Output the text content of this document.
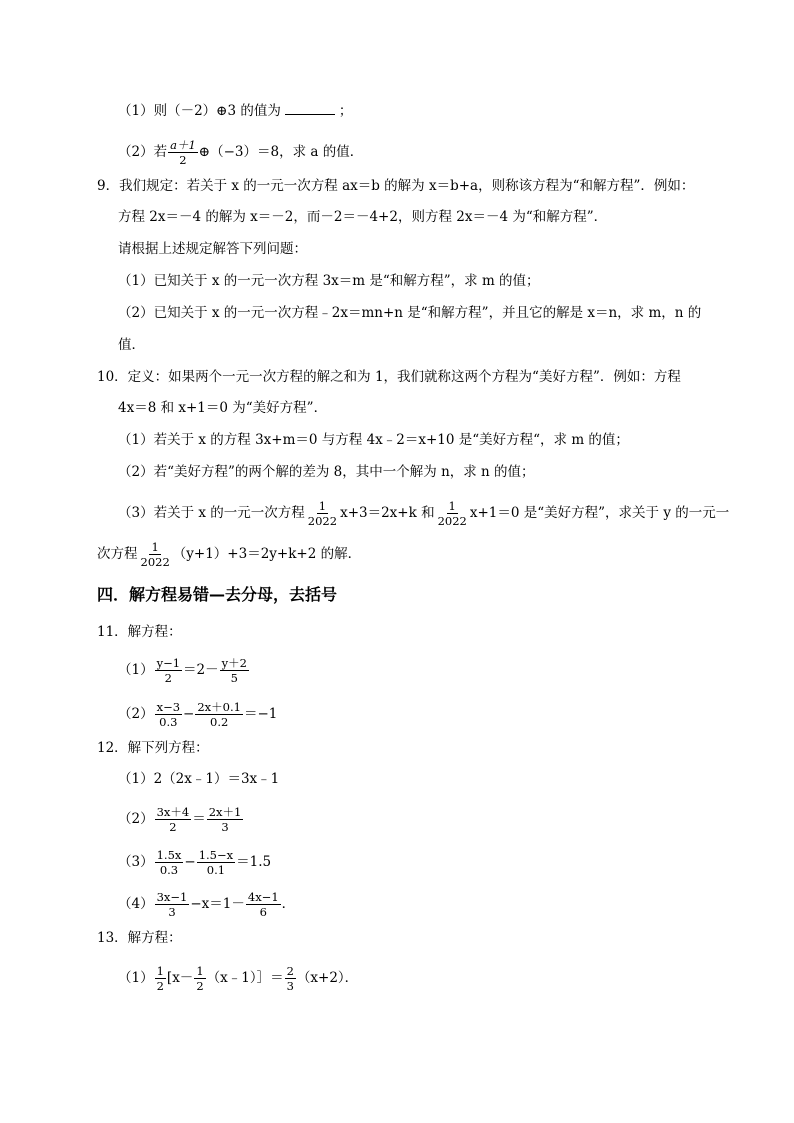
（1）则（－2）⊕3 的值为	；
（2）若 $\frac{a+1}{2}$ ⊕（−3）＝8，求 a 的值．
9．我们规定：若关于 x 的一元一次方程 ax＝b 的解为 x＝b+a，则称该方程为“和解方程”．例如：
方程 2x＝－4 的解为 x＝－2，而－2＝－4+2，则方程 2x＝－4 为“和解方程”．
请根据上述规定解答下列问题：
（1）已知关于 x 的一元一次方程 3x＝m 是“和解方程”，求 m 的值；
（2）已知关于 x 的一元一次方程﹣2x＝mn+n 是“和解方程”，并且它的解是 x＝n，求 m，n 的
值．
10．定义：如果两个一元一次方程的解之和为 1，我们就称这两个方程为“美好方程”．例如：方程
4x＝8 和 x+1＝0 为“美好方程”．
（1）若关于 x 的方程 3x+m＝0 与方程 4x﹣2＝x+10 是“美好方程“，求 m 的值；
（2）若“美好方程”的两个解的差为 8，其中一个解为 n，求 n 的值；
（3）若关于 x 的一元一次方程 $\frac{1}{2022} x+3=2x+k$ 和 $\frac{1}{2022} x+1=0$ 是“美好方程”，求关于 y 的一元一
次方程 $\frac{1}{2022} (y+1)+3=2y+k+2$ 的解．
四．解方程易错—去分母，去括号
11．解方程：
$(1) \frac{y-1}{2} =2- \frac{y+2}{5}$
$(2) \frac{x-3}{0.3} - \frac{2x+0.1}{0.2} =-1$
12．解下列方程：
（1）2（2x﹣1）＝3x﹣1
$(2) \frac{3x+4}{2} = \frac{2x+1}{3}$
$(3) \frac{1.5x}{0.3} - \frac{1.5-x}{0.1} =1.5$
$(4) \frac{3x-1}{3} -x=1- \frac{4x-1}{6}$ ．
13．解方程：
$(1) \frac{1}{2} [x- \frac{1}{2}$ （x﹣1）］＝ $\frac{2}{3} (x+2)$．
